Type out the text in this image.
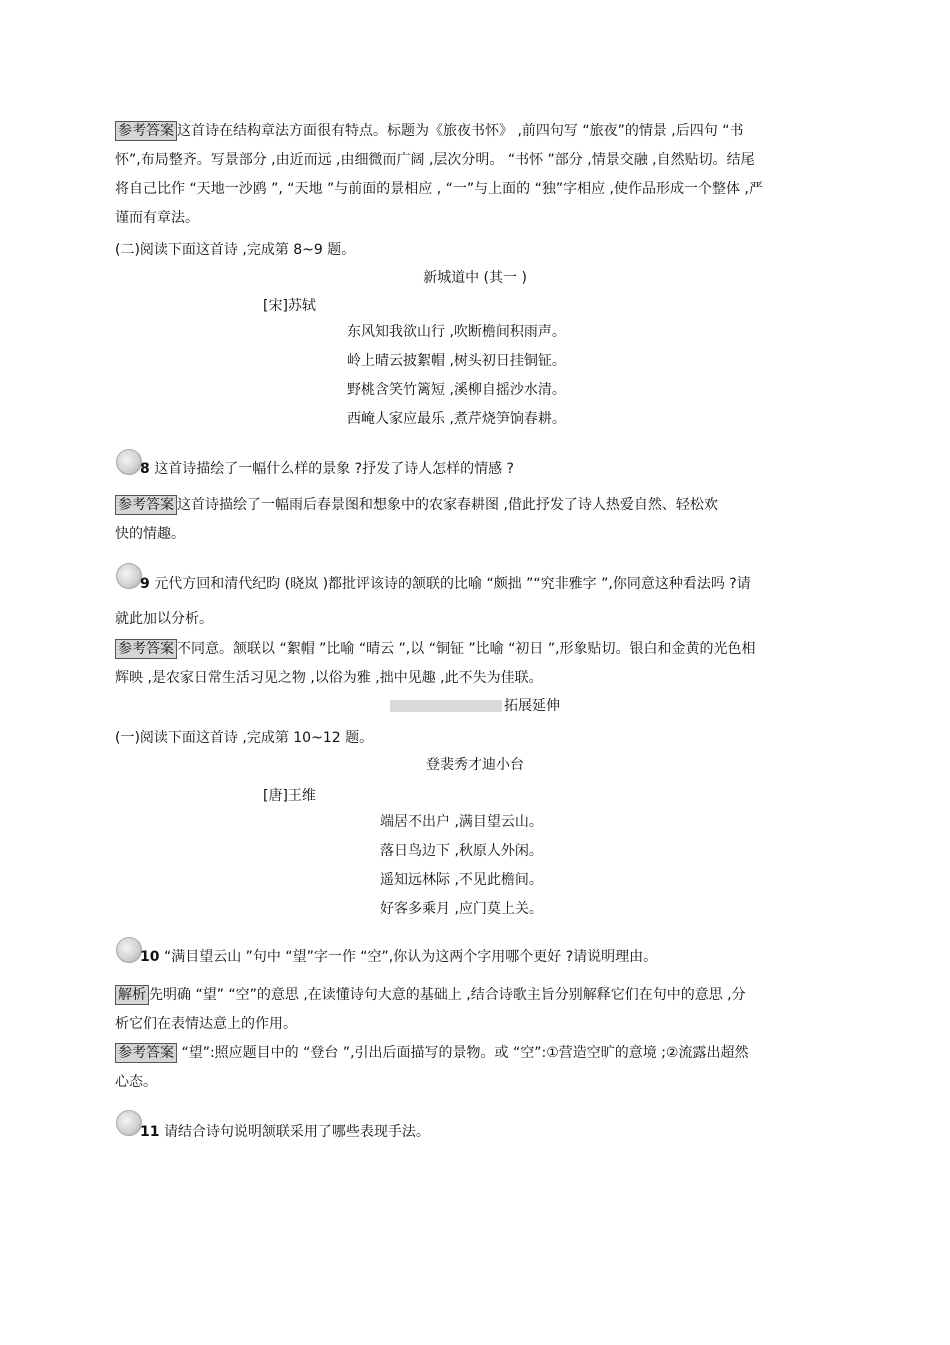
参考答案 这首诗在结构章法方面很有特点。标题为《旅夜书怀》 ,前四句写 “旅夜”的情景 ,后四句 “书
怀”,布局整齐。写景部分 ,由近而远 ,由细微而广阔 ,层次分明。 “书怀 ”部分 ,情景交融 ,自然贴切。结尾
将自己比作 “天地一沙鸥 ”, “天地 ”与前面的景相应 , “一”与上面的 “独”字相应 ,使作品形成一个整体 ,严
谨而有章法。
(二)阅读下面这首诗 ,完成第 8~9 题。
新城道中 (其一 )
[宋]苏轼
东风知我欲山行 ,吹断檐间积雨声。
岭上晴云披絮帽 ,树头初日挂铜钲。
野桃含笑竹篱短 ,溪柳自摇沙水清。
西崦人家应最乐 ,煮芹烧笋饷春耕。
8 这首诗描绘了一幅什么样的景象 ?抒发了诗人怎样的情感 ?
参考答案 这首诗描绘了一幅雨后春景图和想象中的农家春耕图 ,借此抒发了诗人热爱自然、轻松欢
快的情趣。
9 元代方回和清代纪昀 (晓岚 )都批评该诗的颔联的比喻 “颇拙 ”“究非雅字 ”,你同意这种看法吗 ?请
就此加以分析。
参考答案 不同意。颔联以 “絮帽 ”比喻 “晴云 ”,以 “铜钲 ”比喻 “初日 ”,形象贴切。银白和金黄的光色相
辉映 ,是农家日常生活习见之物 ,以俗为雅 ,拙中见趣 ,此不失为佳联。
拓展延伸
(一)阅读下面这首诗 ,完成第 10~12 题。
登裴秀才迪小台
[唐]王维
端居不出户 ,满目望云山。
落日鸟边下 ,秋原人外闲。
遥知远林际 ,不见此檐间。
好客多乘月 ,应门莫上关。
10 “满目望云山 ”句中 “望”字一作 “空”,你认为这两个字用哪个更好 ?请说明理由。
解析 先明确 “望” “空”的意思 ,在读懂诗句大意的基础上 ,结合诗歌主旨分别解释它们在句中的意思 ,分
析它们在表情达意上的作用。
参考答案 “望”:照应题目中的 “登台 ”,引出后面描写的景物。或 “空”:①营造空旷的意境 ;②流露出超然
心态。
11 请结合诗句说明颔联采用了哪些表现手法。
